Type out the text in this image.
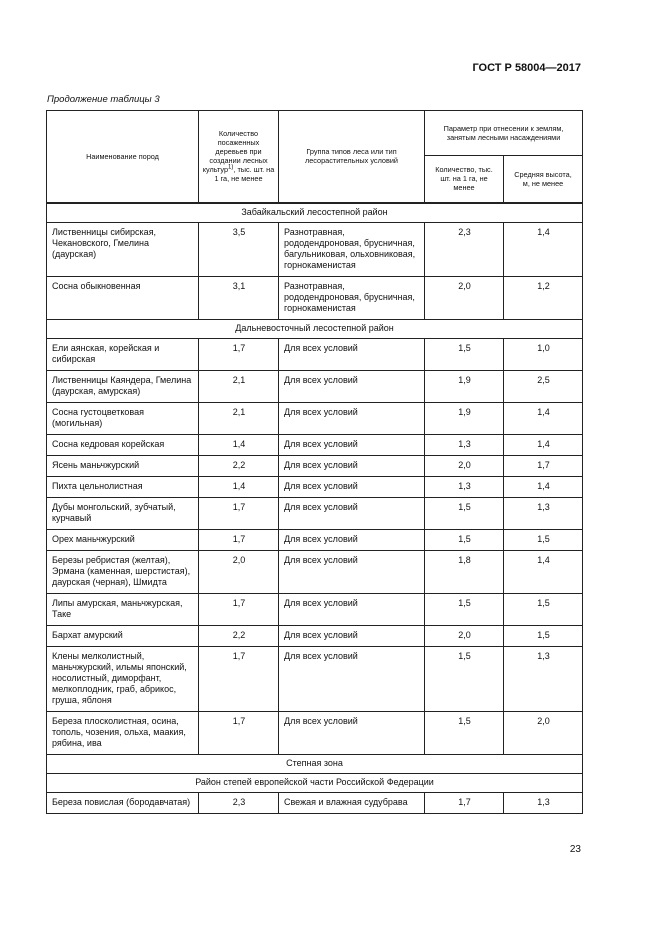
ГОСТ Р 58004—2017
Продолжение таблицы 3
Наименование пород	Количество посаженных деревьев при создании лесных культур$^{1)}$, тыс. шт. на 1 га, не менее	Группа типов леса или тип лесорастительных условий	Параметр при отнесении к землям, занятым лесными насаждениями	
			Количество, тыс. шт. на 1 га, не менее	Средняя высота, м, не менее
Забайкальский лесостепной район				
Лиственницы сибирская, Чекановского, Гмелина (даурская)	3,5	Разнотравная, рододендроновая, брусничная, багульниковая, ольховниковая, горнокаменистая	2,3	1,4
Сосна обыкновенная	3,1	Разнотравная, рододендроновая, брусничная, горнокаменистая	2,0	1,2
Дальневосточный лесостепной район				
Ели аянская, корейская и сибирская	1,7	Для всех условий	1,5	1,0
Лиственницы Каяндера, Гмелина (даурская, амурская)	2,1	Для всех условий	1,9	2,5
Сосна густоцветковая (могильная)	2,1	Для всех условий	1,9	1,4
Сосна кедровая корейская	1,4	Для всех условий	1,3	1,4
Ясень маньчжурский	2,2	Для всех условий	2,0	1,7
Пихта цельнолистная	1,4	Для всех условий	1,3	1,4
Дубы монгольский, зубчатый, курчавый	1,7	Для всех условий	1,5	1,3
Орех маньчжурский	1,7	Для всех условий	1,5	1,5
Березы ребристая (желтая), Эрмана (каменная, шерстистая), даурская (черная), Шмидта	2,0	Для всех условий	1,8	1,4
Липы амурская, маньчжурская, Таке	1,7	Для всех условий	1,5	1,5
Бархат амурский	2,2	Для всех условий	2,0	1,5
Клены мелколистный, маньчжурский, ильмы японский, носолистный, диморфант, мелкоплодник, граб, абрикос, груша, яблоня	1,7	Для всех условий	1,5	1,3
Береза плосколистная, осина, тополь, чозения, ольха, маакия, рябина, ива	1,7	Для всех условий	1,5	2,0
Степная зона				
Район степей европейской части Российской Федерации				
Береза повислая (бородавчатая)	2,3	Свежая и влажная судубрава	1,7	1,3
23
